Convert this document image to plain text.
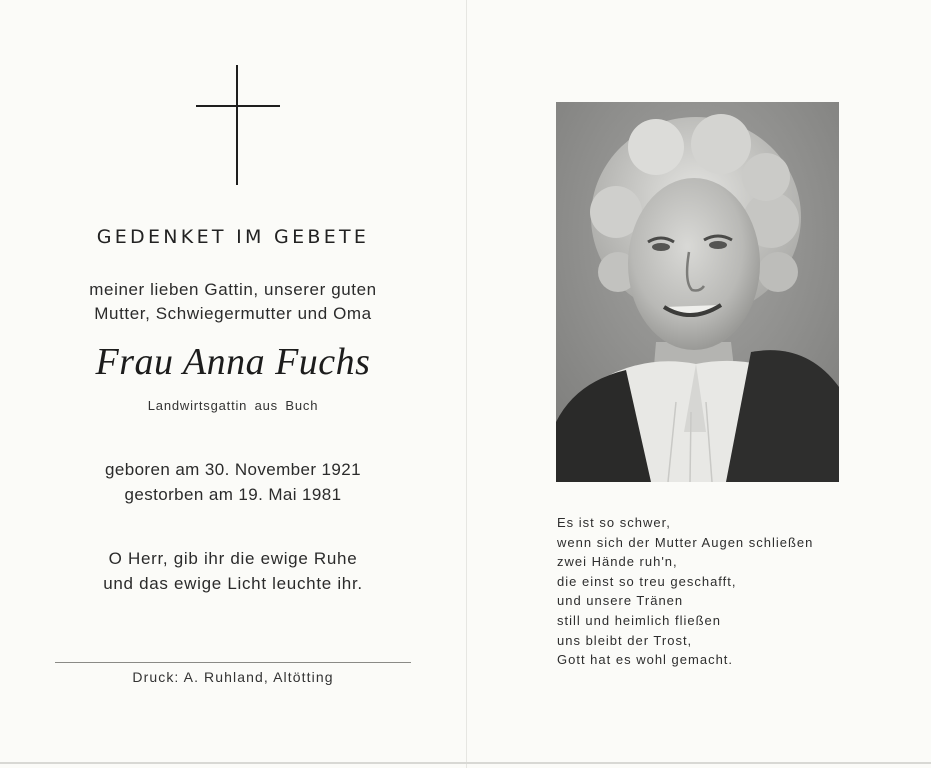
GEDENKET IM GEBETE
meiner lieben Gattin, unserer guten
Mutter, Schwiegermutter und Oma
Frau Anna Fuchs
Landwirtsgattin aus Buch
geboren am 30. November 1921
gestorben am 19. Mai 1981
O Herr, gib ihr die ewige Ruhe
und das ewige Licht leuchte ihr.
Druck: A. Ruhland, Altötting
Es ist so schwer,
wenn sich der Mutter Augen schließen
zwei Hände ruh'n,
die einst so treu geschafft,
und unsere Tränen
still und heimlich fließen
uns bleibt der Trost,
Gott hat es wohl gemacht.
